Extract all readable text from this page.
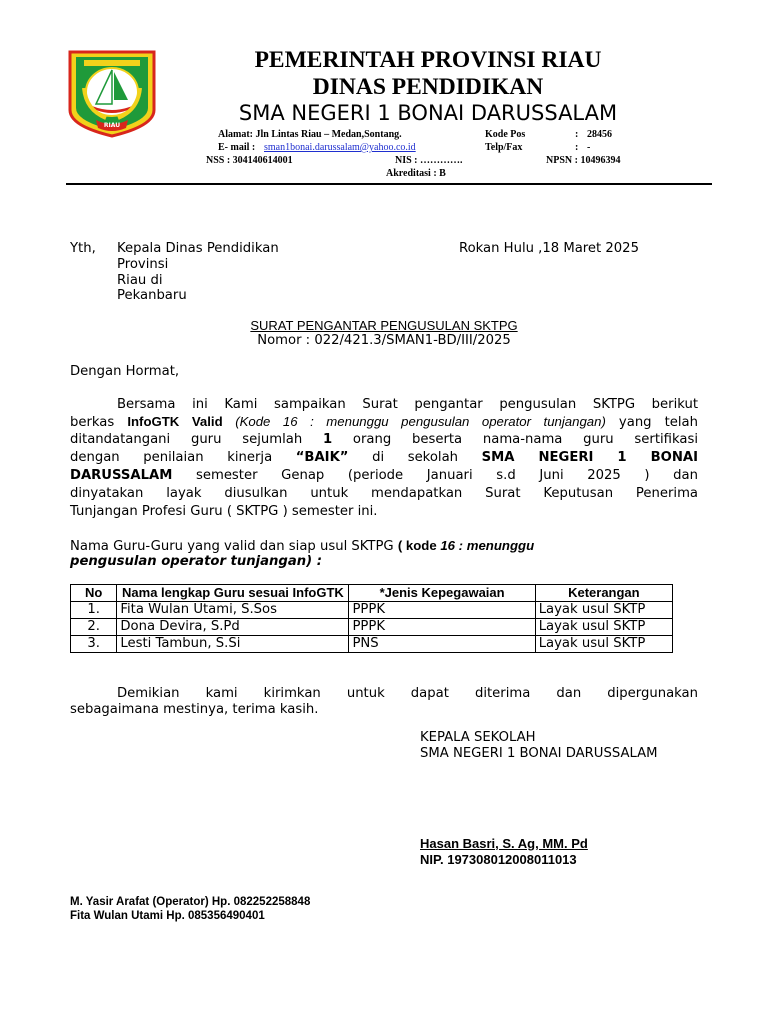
RIAU
PEMERINTAH PROVINSI RIAU
DINAS PENDIDIKAN
SMA NEGERI 1 BONAI DARUSSALAM
Alamat: Jln Lintas Riau – Medan,Sontang.	Kode Pos	: 28456
E- mail : sman1bonai.darussalam@yahoo.co.id	Telp/Fax	: -
NSS : 304140614001	NIS : ………….	NPSN : 10496394
Akreditasi : B
Yth, Kepala Dinas Pendidikan
Provinsi
Riau di
Pekanbaru
Rokan Hulu ,18 Maret 2025
SURAT PENGANTAR PENGUSULAN SKTPG
Nomor : 022/421.3/SMAN1-BD/III/2025
Dengan Hormat,
Bersama ini Kami sampaikan Surat pengantar pengusulan SKTPG berikut
berkas InfoGTK Valid (Kode 16 : menunggu pengusulan operator tunjangan) yang telah
ditandatangani guru sejumlah 1 orang beserta nama-nama guru sertifikasi
dengan penilaian kinerja “BAIK” di sekolah SMA NEGERI 1 BONAI
DARUSSALAM semester Genap (periode Januari s.d Juni 2025 ) dan
dinyatakan layak diusulkan untuk mendapatkan Surat Keputusan Penerima
Tunjangan Profesi Guru ( SKTPG ) semester ini.
Nama Guru-Guru yang valid dan siap usul SKTPG ( kode 16 : menunggu
pengusulan operator tunjangan) :
No	Nama lengkap Guru sesuai InfoGTK	*Jenis Kepegawaian	Keterangan
1.	Fita Wulan Utami, S.Sos	PPPK	Layak usul SKTP
2.	Dona Devira, S.Pd	PPPK	Layak usul SKTP
3.	Lesti Tambun, S.Si	PNS	Layak usul SKTP
Demikian kami kirimkan untuk dapat diterima dan dipergunakan
sebagaimana mestinya, terima kasih.
KEPALA SEKOLAH
SMA NEGERI 1 BONAI DARUSSALAM
Hasan Basri, S. Ag, MM. Pd
NIP. 197308012008011013
M. Yasir Arafat (Operator) Hp. 082252258848
Fita Wulan Utami Hp. 085356490401
